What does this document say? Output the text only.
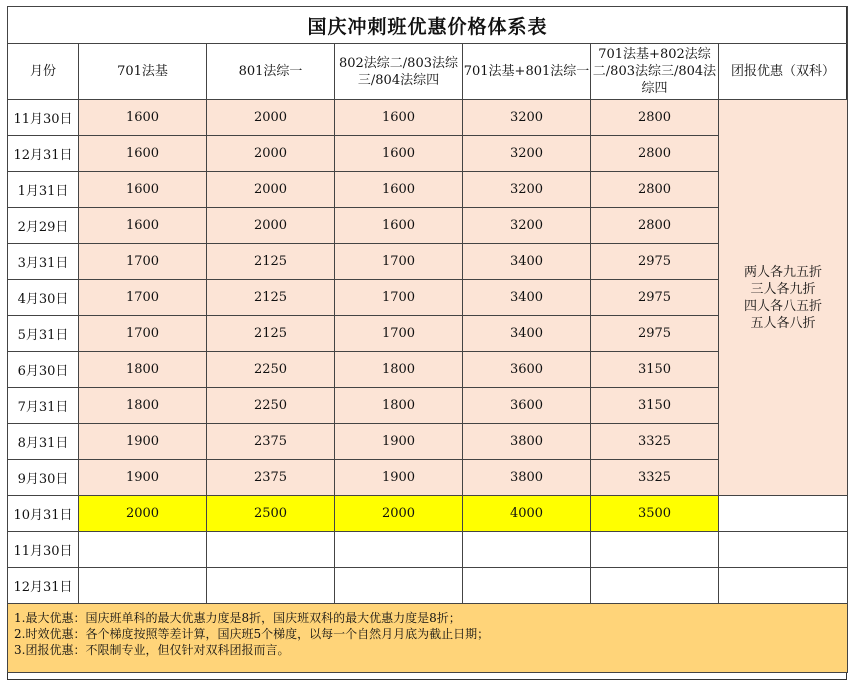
国庆冲刺班优惠价格体系表						
月份	701法基	801法综一	802法综二/803法综三/804法综四	701法基+801法综一	701法基+802法综二/803法综三/804法综四	团报优惠（双科）
11月30日	1600	2000	1600	3200	2800	两人各九五折
三人各九折
四人各八五折
五人各八折

12月31日	1600	2000	1600	3200	2800	
1月31日	1600	2000	1600	3200	2800	
2月29日	1600	2000	1600	3200	2800	
3月31日	1700	2125	1700	3400	2975	
4月30日	1700	2125	1700	3400	2975	
5月31日	1700	2125	1700	3400	2975	
6月30日	1800	2250	1800	3600	3150	
7月31日	1800	2250	1800	3600	3150	
8月31日	1900	2375	1900	3800	3325	
9月30日	1900	2375	1900	3800	3325	
10月31日	2000	2500	2000	4000	3500	
11月30日						
12月31日						

1.最大优惠：国庆班单科的最大优惠力度是8折，国庆班双科的最大优惠力度是8折；
2.时效优惠：各个梯度按照等差计算，国庆班5个梯度，以每一个自然月月底为截止日期；
3.团报优惠：不限制专业，但仅针对双科团报而言。						
